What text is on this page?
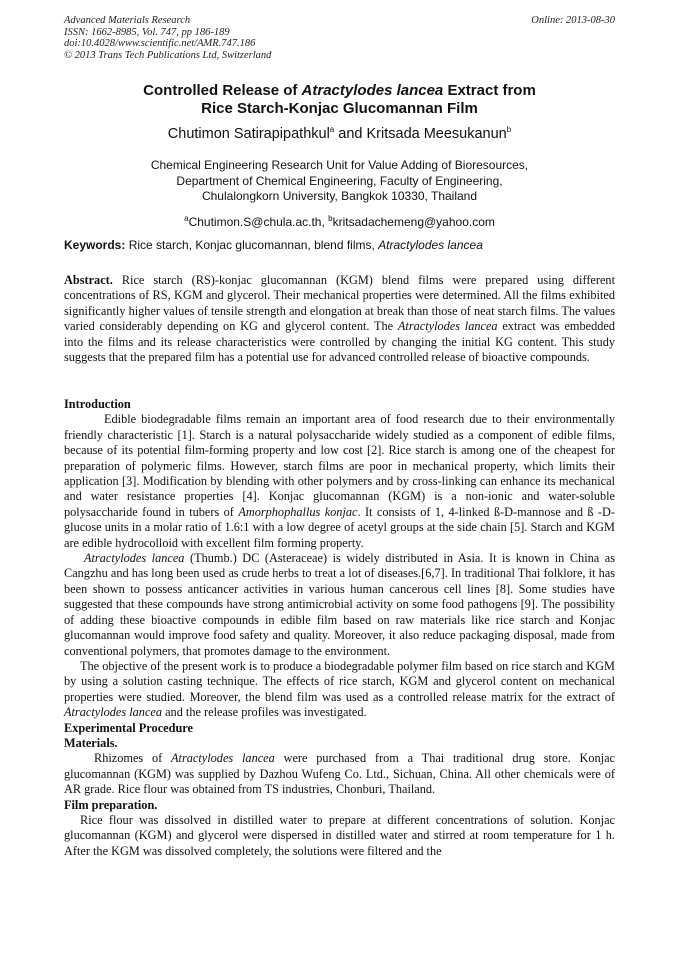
Advanced Materials Research
ISSN: 1662-8985, Vol. 747, pp 186-189
doi:10.4028/www.scientific.net/AMR.747.186
© 2013 Trans Tech Publications Ltd, Switzerland
Online: 2013-08-30
Controlled Release of Atractylodes lancea Extract from
Rice Starch-Konjac Glucomannan Film
Chutimon Satirapipathkul$^a$ and Kritsada Meesukanun$^b$
Chemical Engineering Research Unit for Value Adding of Bioresources,
Department of Chemical Engineering, Faculty of Engineering,
Chulalongkorn University, Bangkok 10330, Thailand
$^a$Chutimon.S@chula.ac.th, $^b$kritsadachemeng@yahoo.com
Keywords: Rice starch, Konjac glucomannan, blend films, Atractylodes lancea

Abstract. Rice starch (RS)-konjac glucomannan (KGM) blend films were prepared using different concentrations of RS, KGM and glycerol. Their mechanical properties were determined. All the films exhibited significantly higher values of tensile strength and elongation at break than those of neat starch films. The values varied considerably depending on KG and glycerol content. The Atractylodes lancea extract was embedded into the films and its release characteristics were controlled by changing the initial KG content. This study suggests that the prepared film has a potential use for advanced controlled release of bioactive compounds.

Introduction

Edible biodegradable films remain an important area of food research due to their environmentally friendly characteristic [1]. Starch is a natural polysaccharide widely studied as a component of edible films, because of its potential film-forming property and low cost [2]. Rice starch is among one of the cheapest for preparation of polymeric films. However, starch films are poor in mechanical property, which limits their application [3]. Modification by blending with other polymers and by cross-linking can enhance its mechanical and water resistance properties [4]. Konjac glucomannan (KGM) is a non-ionic and water-soluble polysaccharide found in tubers of Amorphophallus konjac. It consists of 1, 4-linked ß-D-mannose and ß -D-glucose units in a molar ratio of 1.6:1 with a low degree of acetyl groups at the side chain [5]. Starch and KGM are edible hydrocolloid with excellent film forming property.

Atractylodes lancea (Thumb.) DC (Asteraceae) is widely distributed in Asia. It is known in China as Cangzhu and has long been used as crude herbs to treat a lot of diseases.[6,7]. In traditional Thai folklore, it has been shown to possess anticancer activities in various human cancerous cell lines [8]. Some studies have suggested that these compounds have strong antimicrobial activity on some food pathogens [9]. The possibility of adding these bioactive compounds in edible film based on raw materials like rice starch and Konjac glucomannan would improve food safety and quality. Moreover, it also reduce packaging disposal, made from conventional polymers, that promotes damage to the environment.

The objective of the present work is to produce a biodegradable polymer film based on rice starch and KGM by using a solution casting technique. The effects of rice starch, KGM and glycerol content on mechanical properties were studied. Moreover, the blend film was used as a controlled release matrix for the extract of Atractylodes lancea and the release profiles was investigated.

Experimental Procedure

Materials.

Rhizomes of Atractylodes lancea were purchased from a Thai traditional drug store. Konjac glucomannan (KGM) was supplied by Dazhou Wufeng Co. Ltd., Sichuan, China. All other chemicals were of AR grade. Rice flour was obtained from TS industries, Chonburi, Thailand.

Film preparation.

Rice flour was dissolved in distilled water to prepare at different concentrations of solution. Konjac glucomannan (KGM) and glycerol were dispersed in distilled water and stirred at room temperature for 1 h. After the KGM was dissolved completely, the solutions were filtered and the
